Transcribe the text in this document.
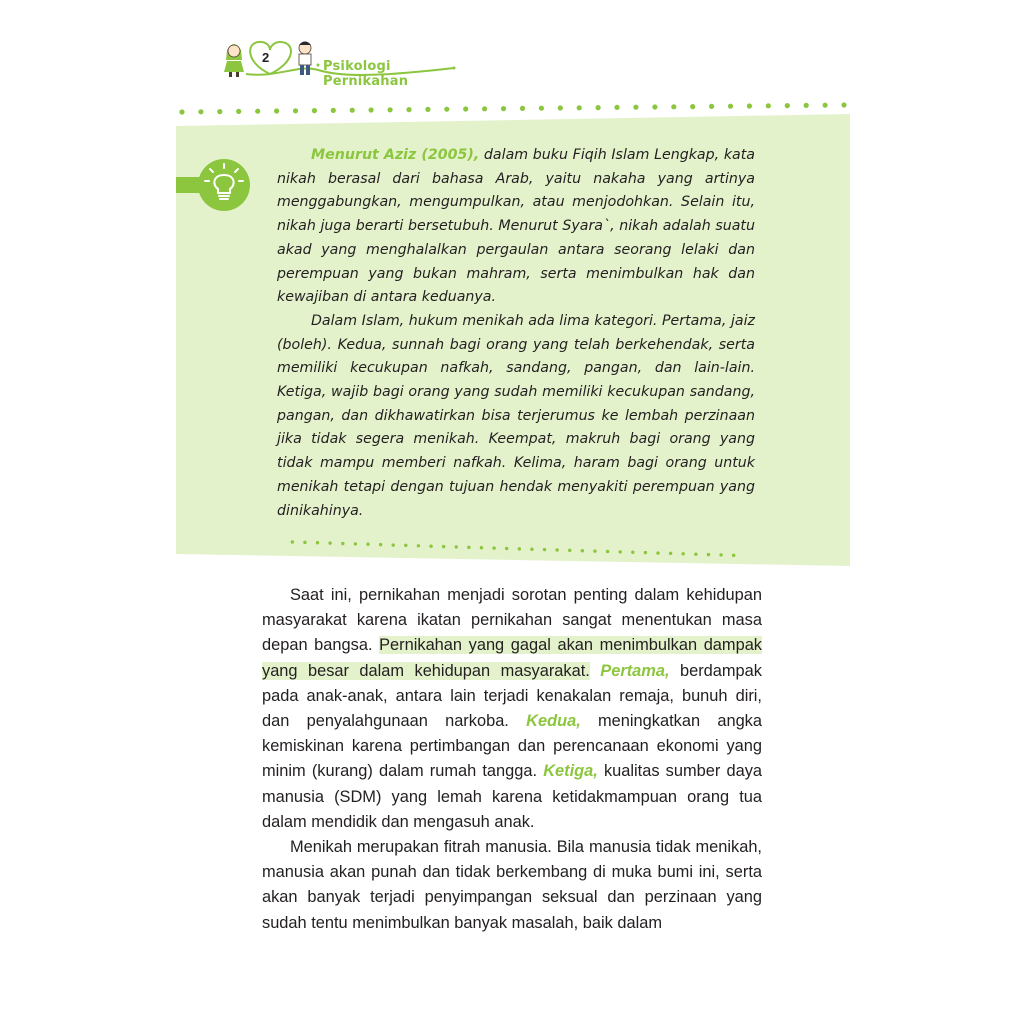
2
Psikologi Pernikahan

Menurut Aziz (2005), dalam buku Fiqih Islam Lengkap, kata nikah berasal dari bahasa Arab, yaitu nakaha yang artinya menggabungkan, mengumpulkan, atau menjodohkan. Selain itu, nikah juga berarti bersetubuh. Menurut Syara`, nikah adalah suatu akad yang menghalalkan pergaulan antara seorang lelaki dan perempuan yang bukan mahram, serta menimbulkan hak dan kewajiban di antara keduanya.

Dalam Islam, hukum menikah ada lima kategori. Pertama, jaiz (boleh). Kedua, sunnah bagi orang yang telah berkehendak, serta memiliki kecukupan nafkah, sandang, pangan, dan lain-lain. Ketiga, wajib bagi orang yang sudah memiliki kecukupan sandang, pangan, dan dikhawatirkan bisa terjerumus ke lembah perzinaan jika tidak segera menikah. Keempat, makruh bagi orang yang tidak mampu memberi nafkah. Kelima, haram bagi orang untuk menikah tetapi dengan tujuan hendak menyakiti perempuan yang dinikahinya.

Saat ini, pernikahan menjadi sorotan penting dalam kehidupan masyarakat karena ikatan pernikahan sangat menentukan masa depan bangsa. Pernikahan yang gagal akan menimbulkan dampak yang besar dalam kehidupan masyarakat. Pertama, berdampak pada anak-anak, antara lain terjadi kenakalan remaja, bunuh diri, dan penyalahgunaan narkoba. Kedua, meningkatkan angka kemiskinan karena pertimbangan dan perencanaan ekonomi yang minim (kurang) dalam rumah tangga. Ketiga, kualitas sumber daya manusia (SDM) yang lemah karena ketidakmampuan orang tua dalam mendidik dan mengasuh anak.

Menikah merupakan fitrah manusia. Bila manusia tidak menikah, manusia akan punah dan tidak berkembang di muka bumi ini, serta akan banyak terjadi penyimpangan seksual dan perzinaan yang sudah tentu menimbulkan banyak masalah, baik dalam
